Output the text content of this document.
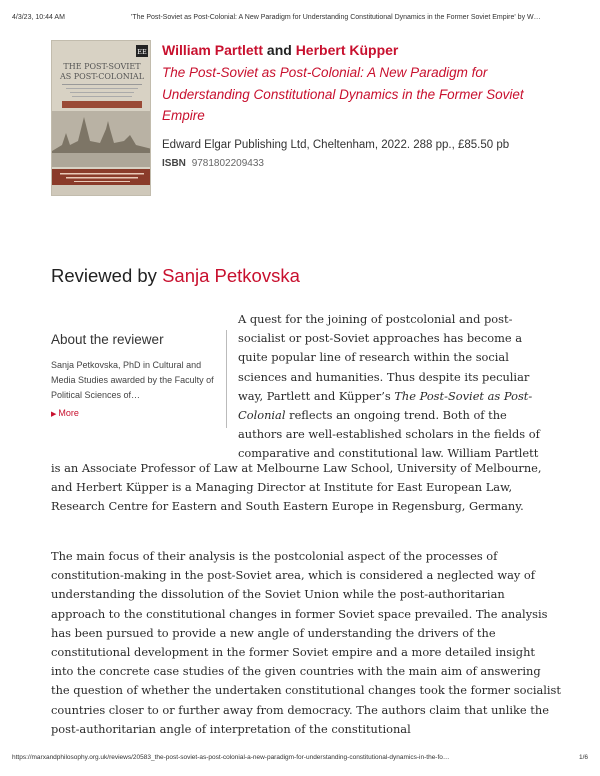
4/3/23, 10:44 AM	'The Post-Soviet as Post-Colonial: A New Paradigm for Understanding Constitutional Dynamics in the Former Soviet Empire' by W…
EE
THE POST-SOVIET
AS POST-COLONIAL
William Partlett and Herbert Küpper
The Post-Soviet as Post-Colonial: A New Paradigm for Understanding Constitutional Dynamics in the Former Soviet Empire
Edward Elgar Publishing Ltd, Cheltenham, 2022. 288 pp., £85.50 pb
ISBN 9781802209433
Reviewed by Sanja Petkovska
About the reviewer
Sanja Petkovska, PhD in Cultural and Media Studies awarded by the Faculty of Political Sciences of…
▶ More
A quest for the joining of postcolonial and post-
socialist or post-Soviet approaches has become a
quite popular line of research within the social
sciences and humanities. Thus despite its peculiar
way, Partlett and Küpper’s The Post-Soviet as Post-
Colonial reflects an ongoing trend. Both of the
authors are well-established scholars in the fields of
comparative and constitutional law. William Partlett
is an Associate Professor of Law at Melbourne Law School, University of Melbourne, and Herbert Küpper is a Managing Director at Institute for East European Law, Research Centre for Eastern and South Eastern Europe in Regensburg, Germany.
The main focus of their analysis is the postcolonial aspect of the processes of constitution-making in the post-Soviet area, which is considered a neglected way of understanding the dissolution of the Soviet Union while the post-authoritarian approach to the constitutional changes in former Soviet space prevailed. The analysis has been pursued to provide a new angle of understanding the drivers of the constitutional development in the former Soviet empire and a more detailed insight into the concrete case studies of the given countries with the main aim of answering the question of whether the undertaken constitutional changes took the former socialist countries closer to or further away from democracy. The authors claim that unlike the post-authoritarian angle of interpretation of the constitutional
https://marxandphilosophy.org.uk/reviews/20583_the-post-soviet-as-post-colonial-a-new-paradigm-for-understanding-constitutional-dynamics-in-the-fo…	1/6
